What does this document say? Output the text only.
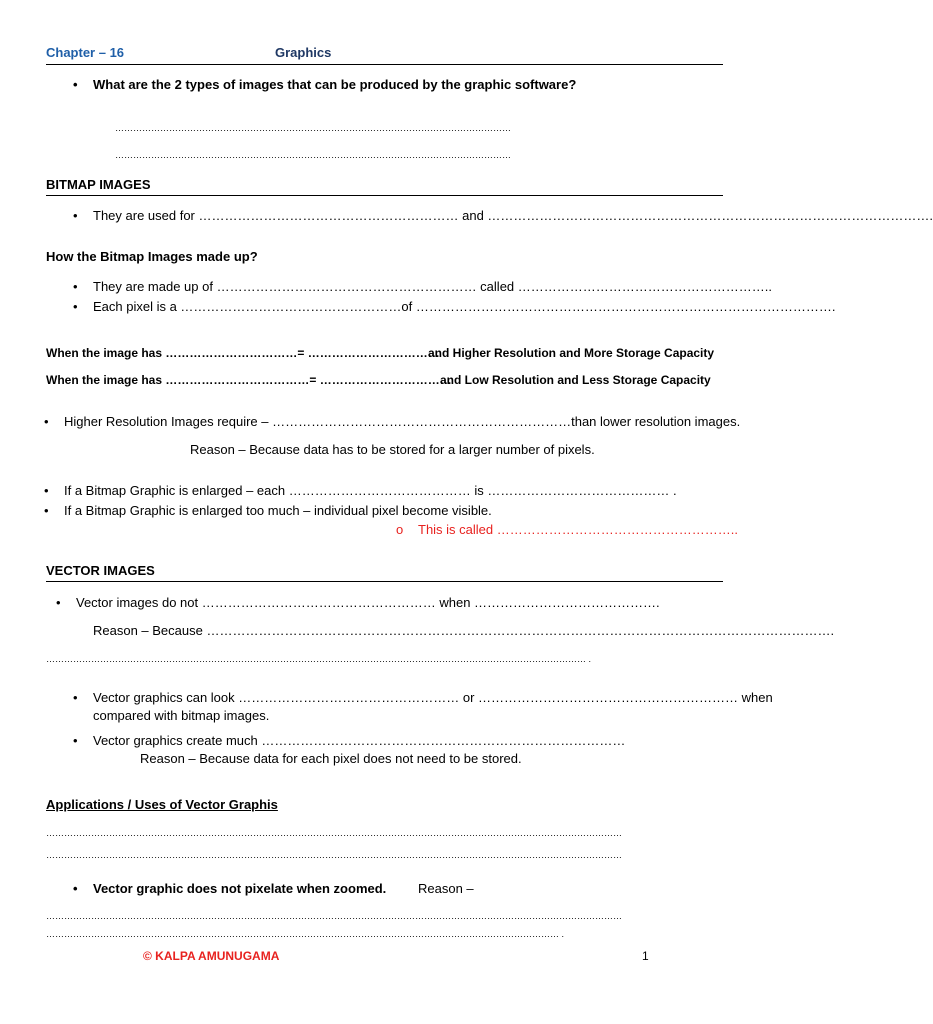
Chapter – 16	Graphics
• What are the 2 types of images that can be produced by the graphic software?
……………………………………………………………………………………………………………………
……………………………………………………………………………………………………………………
BITMAP IMAGES
• They are used for …………………………………………………… and ………………………………………………………………………………………….
How the Bitmap Images made up?
• They are made up of …………………………………………………… called …………………………………………………..
• Each pixel is a ……………………………………………of …………………………………………………………………………………….
When the image has ……………………………= ……………………………
and Higher Resolution and More Storage Capacity
When the image has ………………………………= ……………………………
and Low Resolution and Less Storage Capacity
• Higher Resolution Images require – ……………………………………………………………than lower resolution images.
Reason – Because data has to be stored for a larger number of pixels.
• If a Bitmap Graphic is enlarged – each …………………………………… is …………………………………… .
• If a Bitmap Graphic is enlarged too much – individual pixel become visible.
o This is called ………………………………………………..
VECTOR IMAGES
• Vector images do not ……………………………………………… when …………………………………….
Reason – Because ……………………………………………………………………………………………………………………………….
……………………………………………………………………………………………………………………………………………………………… .
• Vector graphics can look …………………………………………… or …………………………………………………… when
compared with bitmap images.
• Vector graphics create much …………………………………………………………………………
Reason – Because data for each pixel does not need to be stored.
Applications / Uses of Vector Graphis
…………………………………………………………………………………………………………………………………………………………………………
…………………………………………………………………………………………………………………………………………………………………………
• Vector graphic does not pixelate when zoomed. Reason –
…………………………………………………………………………………………………………………………………………………………………………
……………………………………………………………………………………………………………………………………………………… .
© KALPA AMUNUGAMA	1
